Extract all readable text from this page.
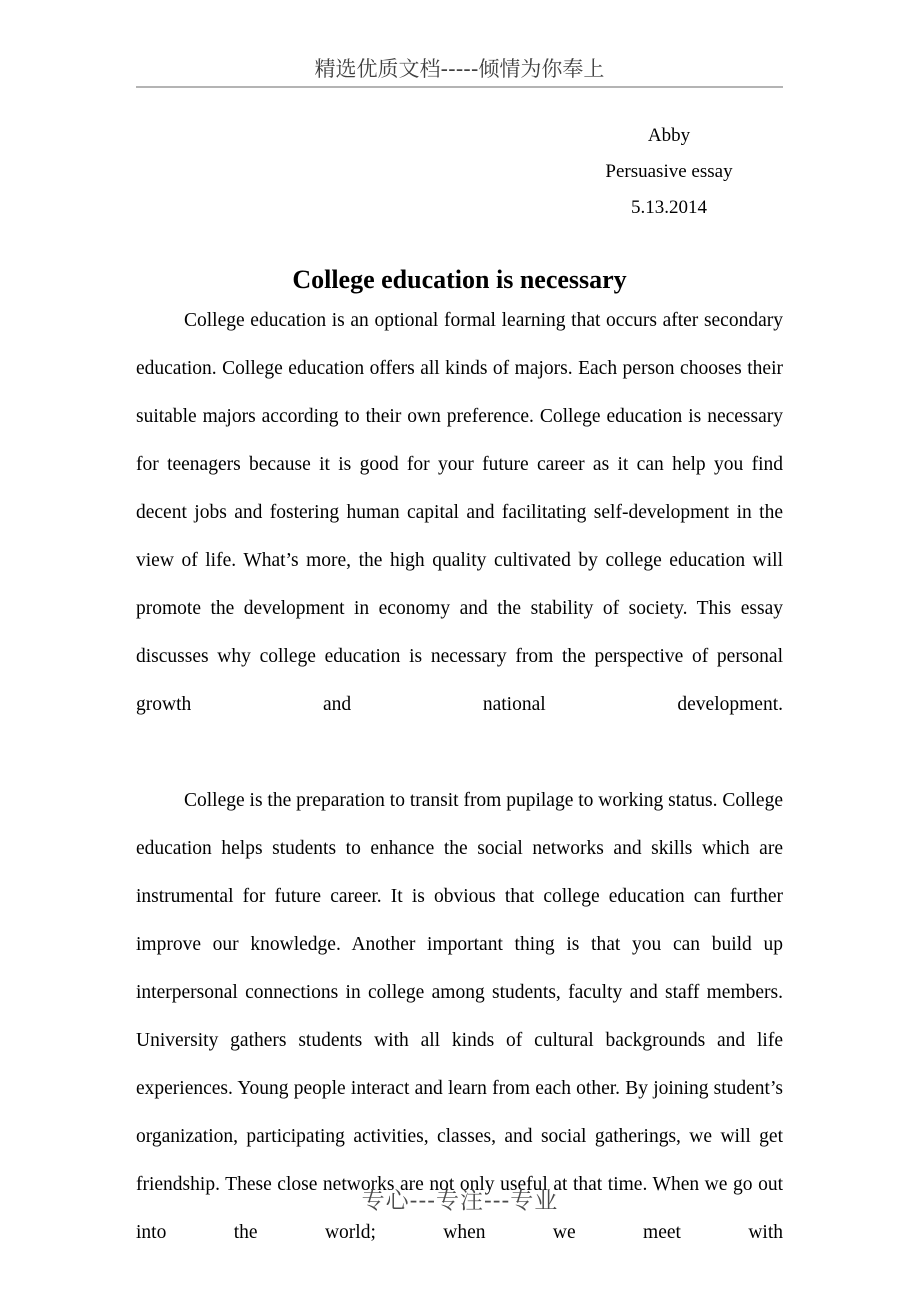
精选优质文档-----倾情为你奉上
Abby
Persuasive essay
5.13.2014
College education is necessary

College education is an optional formal learning that occurs after secondary education. College education offers all kinds of majors. Each person chooses their suitable majors according to their own preference. College education is necessary for teenagers because it is good for your future career as it can help you find decent jobs and fostering human capital and facilitating self-development in the view of life. What’s more, the high quality cultivated by college education will promote the development in economy and the stability of society. This essay discusses why college education is necessary from the perspective of personal growth and national development.

College is the preparation to transit from pupilage to working status. College education helps students to enhance the social networks and skills which are instrumental for future career. It is obvious that college education can further improve our knowledge. Another important thing is that you can build up interpersonal connections in college among students, faculty and staff members. University gathers students with all kinds of cultural backgrounds and life experiences. Young people interact and learn from each other. By joining student’s organization, participating activities, classes, and social gatherings, we will get friendship. These close networks are not only useful at that time. When we go out into the world; when we meet with

专心---专注---专业
